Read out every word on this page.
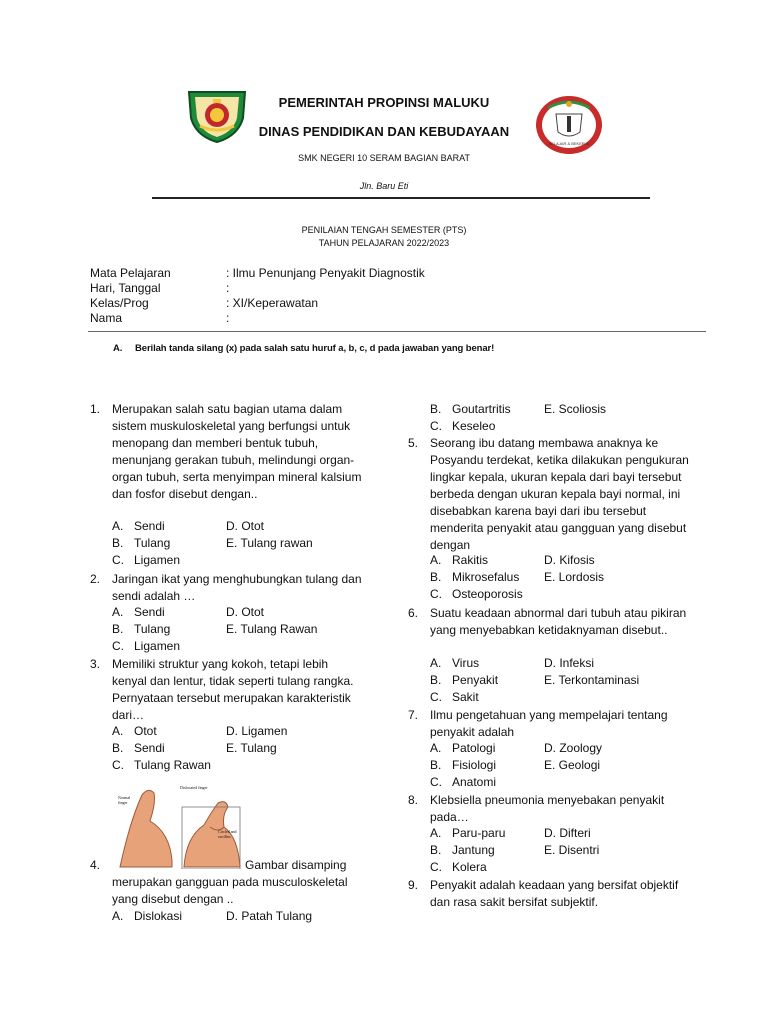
BELAJAR & BEKERJA
PEMERINTAH PROPINSI MALUKU
DINAS PENDIDIKAN DAN KEBUDAYAAN
SMK NEGERI 10 SERAM BAGIAN BARAT
Jln. Baru Eti
PENILAIAN TENGAH SEMESTER (PTS)
TAHUN PELAJARAN 2022/2023
Mata Pelajaran	: Ilmu Penunjang Penyakit Diagnostik
Hari, Tanggal	:
Kelas/Prog	: XI/Keperawatan
Nama	:
A. Berilah tanda silang (x) pada salah satu huruf a, b, c, d pada jawaban yang benar!
1. Merupakan salah satu bagian utama dalam sistem muskuloskeletal yang berfungsi untuk menopang dan memberi bentuk tubuh, menunjang gerakan tubuh, melindungi organ-organ tubuh, serta menyimpan mineral kalsium dan fosfor disebut dengan..
A. Sendi	D. Otot
B. Tulang	E. Tulang rawan
C. Ligamen
2. Jaringan ikat yang menghubungkan tulang dan sendi adalah …
A. Sendi	D. Otot
B. Tulang	E. Tulang Rawan
C. Ligamen
3. Memiliki struktur yang kokoh, tetapi lebih kenyal dan lentur, tidak seperti tulang rangka. Pernyataan tersebut merupakan karakteristik dari…
A. Otot	D. Ligamen
B. Sendi	E. Tulang
C. Tulang Rawan
Normal finger
Dislocated finger
Circled and swollen
4.	Gambar disamping
merupakan gangguan pada musculoskeletal yang disebut dengan ..
A. Dislokasi	D. Patah Tulang
B. Goutartritis	E. Scoliosis
C. Keseleo
5. Seorang ibu datang membawa anaknya ke Posyandu terdekat, ketika dilakukan pengukuran lingkar kepala, ukuran kepala dari bayi tersebut berbeda dengan ukuran kepala bayi normal, ini disebabkan karena bayi dari ibu tersebut menderita penyakit atau gangguan yang disebut dengan
A. Rakitis	D. Kifosis
B. Mikrosefalus	E. Lordosis
C. Osteoporosis
6. Suatu keadaan abnormal dari tubuh atau pikiran yang menyebabkan ketidaknyaman disebut..
A. Virus	D. Infeksi
B. Penyakit	E. Terkontaminasi
C. Sakit
7. Ilmu pengetahuan yang mempelajari tentang penyakit adalah
A. Patologi	D. Zoology
B. Fisiologi	E. Geologi
C. Anatomi
8. Klebsiella pneumonia menyebakan penyakit pada…
A. Paru-paru	D. Difteri
B. Jantung	E. Disentri
C. Kolera
9. Penyakit adalah keadaan yang bersifat objektif dan rasa sakit bersifat subjektif.
